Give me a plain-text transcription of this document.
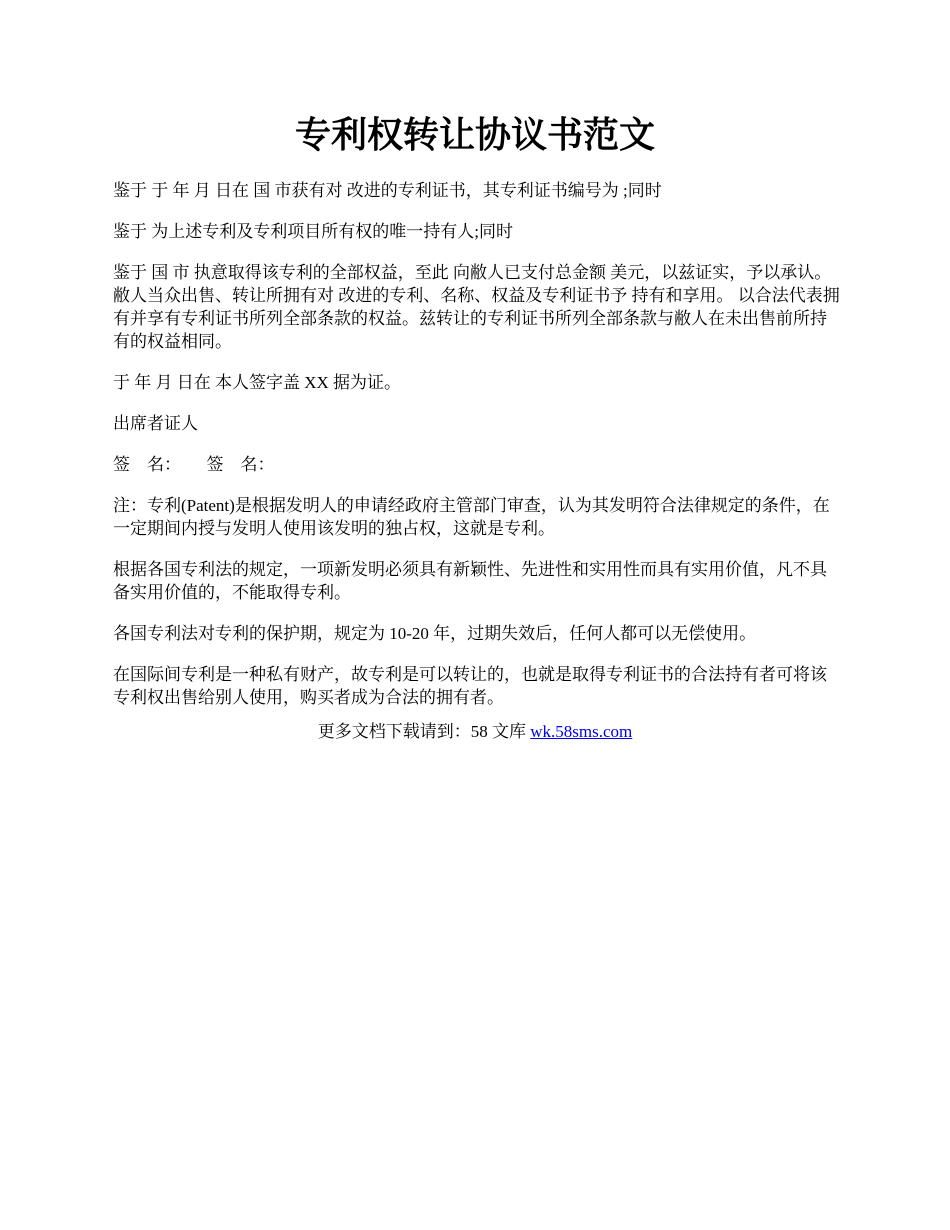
专利权转让协议书范文

鉴于 于 年 月 日在 国 市获有对 改进的专利证书，其专利证书编号为 ;同时

鉴于 为上述专利及专利项目所有权的唯一持有人;同时

鉴于 国 市 执意取得该专利的全部权益，至此 向敝人已支付总金额 美元，以兹证实，予以承认。敝人当众出售、转让所拥有对 改进的专利、名称、权益及专利证书予 持有和享用。 以合法代表拥有并享有专利证书所列全部条款的权益。兹转让的专利证书所列全部条款与敝人在未出售前所持有的权益相同。

于 年 月 日在 本人签字盖 XX 据为证。

出席者证人

签　名：　　签　名：

注：专利(Patent)是根据发明人的申请经政府主管部门审查，认为其发明符合法律规定的条件，在一定期间内授与发明人使用该发明的独占权，这就是专利。

根据各国专利法的规定，一项新发明必须具有新颖性、先进性和实用性而具有实用价值，凡不具备实用价值的，不能取得专利。

各国专利法对专利的保护期，规定为 10-20 年，过期失效后，任何人都可以无偿使用。

在国际间专利是一种私有财产，故专利是可以转让的，也就是取得专利证书的合法持有者可将该专利权出售给别人使用，购买者成为合法的拥有者。

更多文档下载请到：58 文库 wk.58sms.com
